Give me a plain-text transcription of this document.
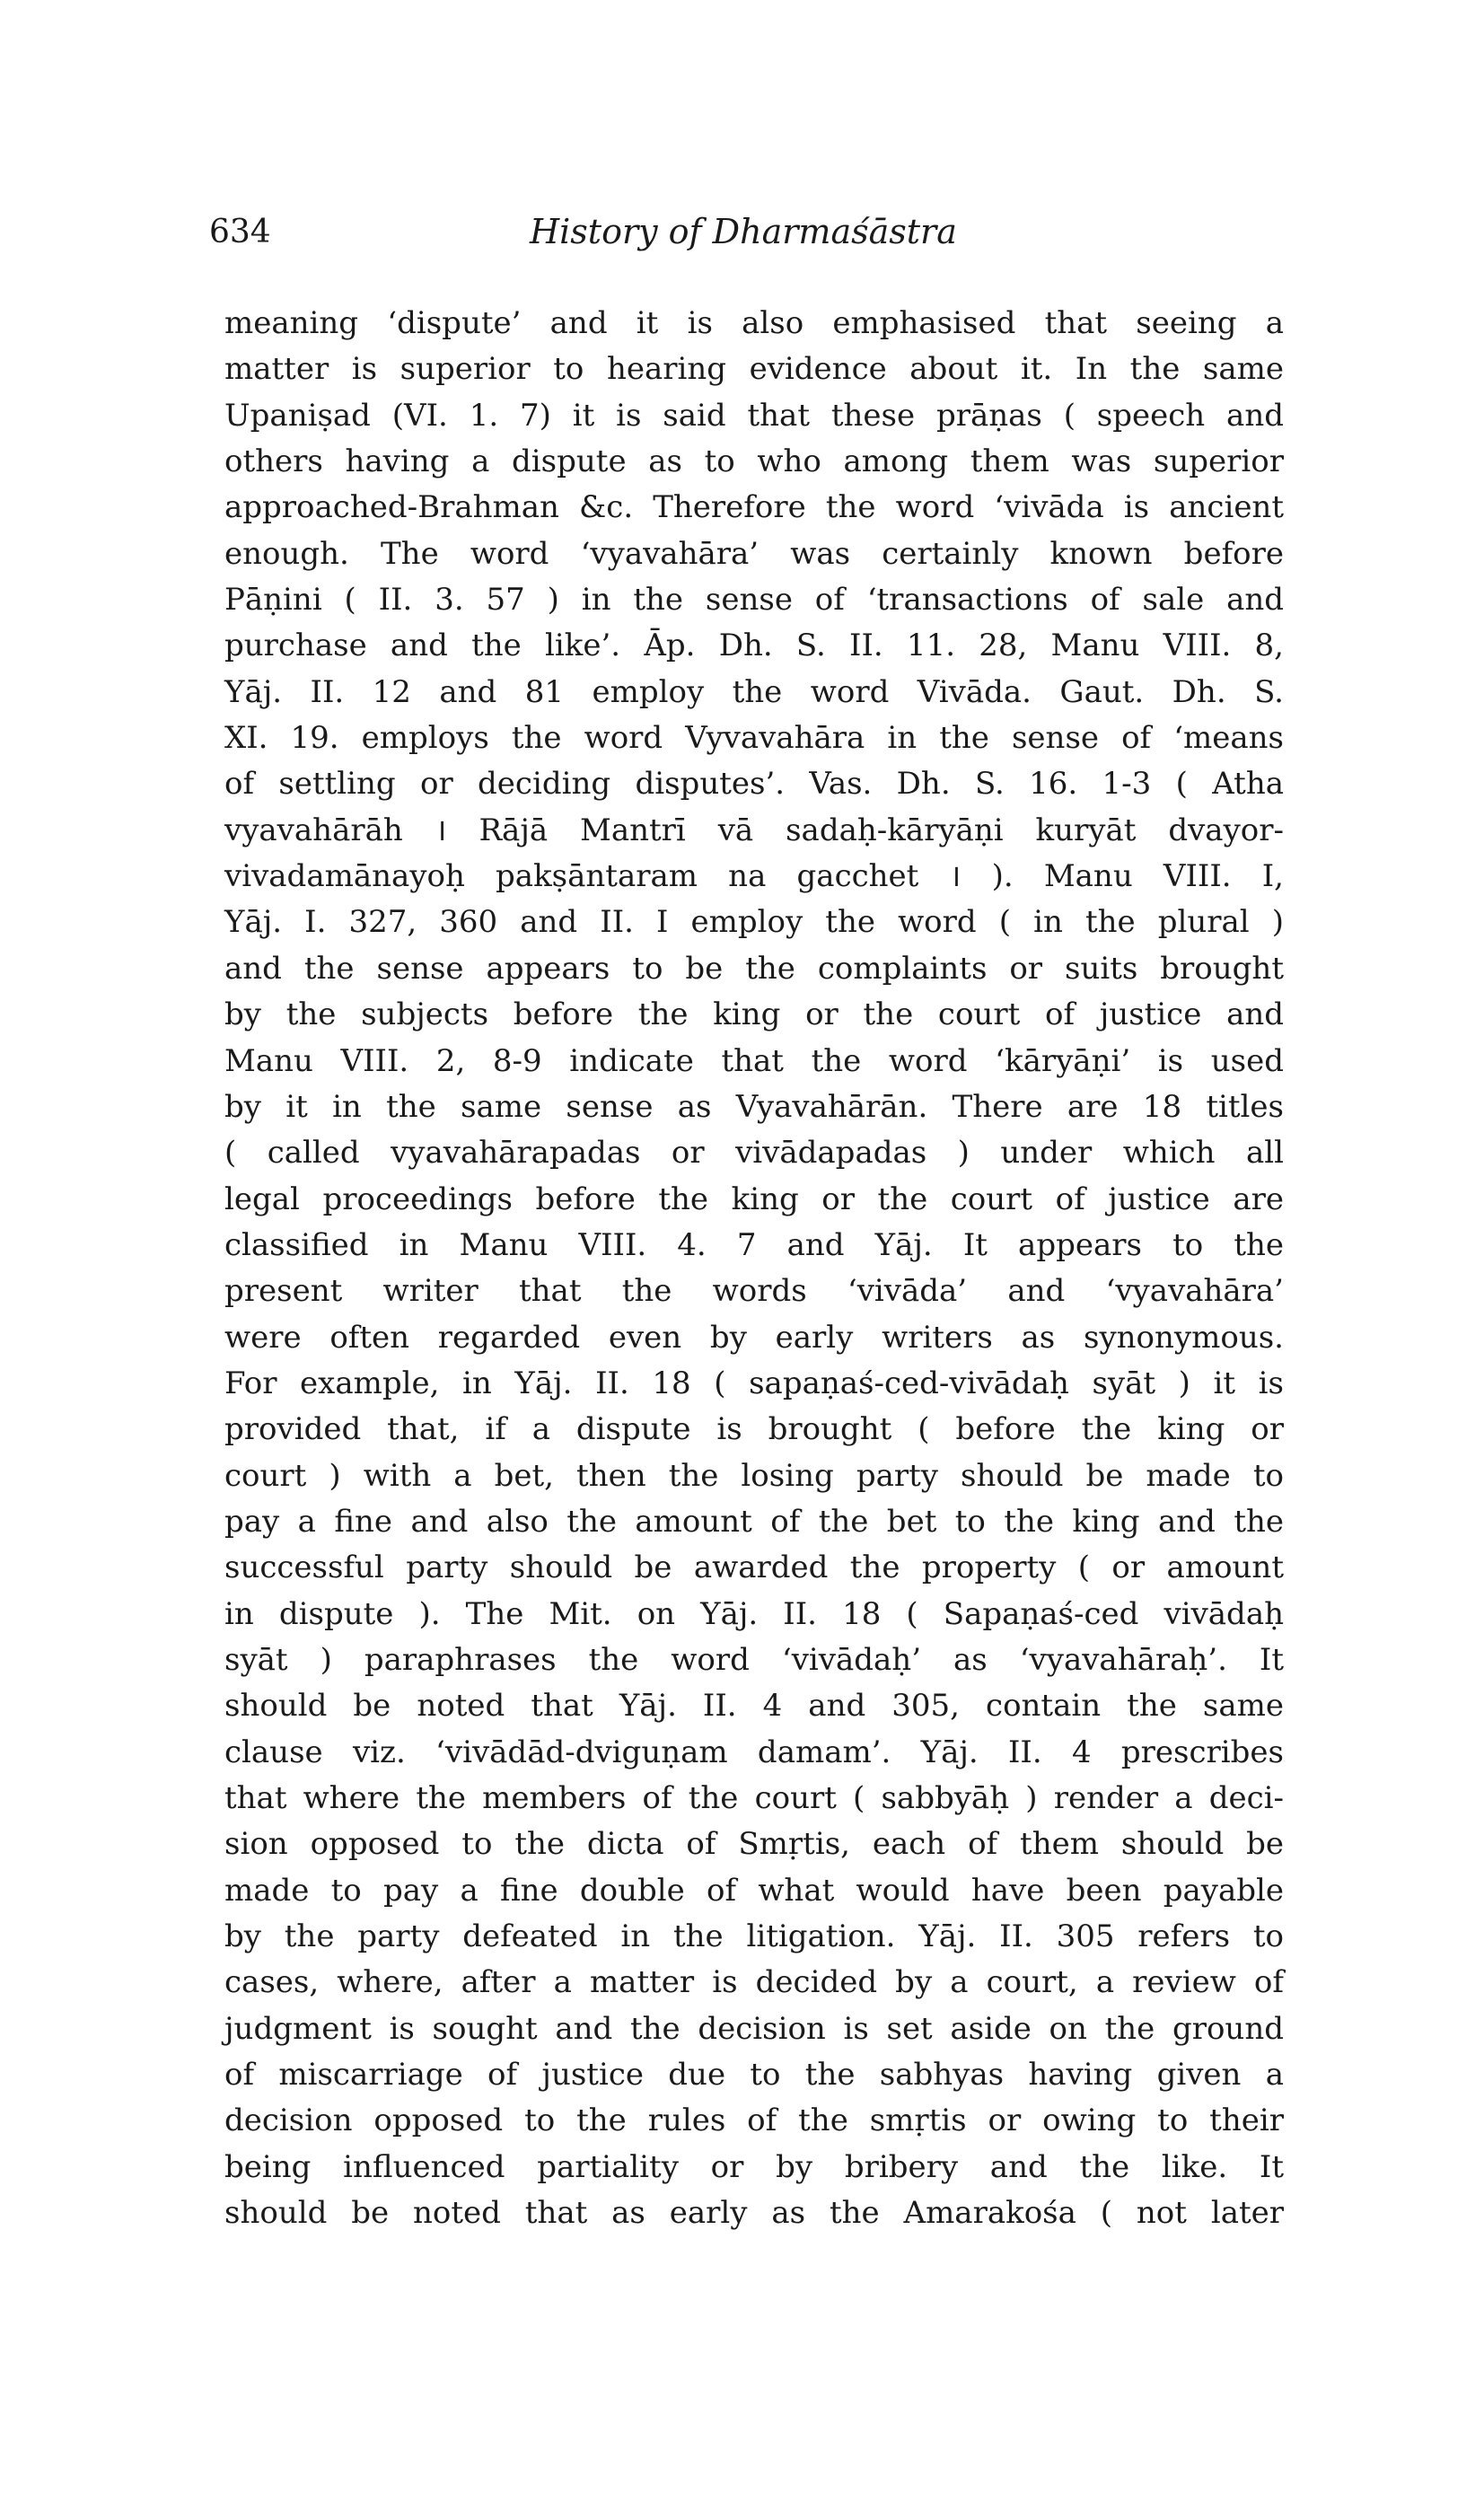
634	History of Dharmaśāstra
meaning ‘dispute’ and it is also emphasised that seeing a
matter is superior to hearing evidence about it. In the same
Upaniṣad (VI. 1. 7) it is said that these prāṇas ( speech and
others having a dispute as to who among them was superior
approached-Brahman &c. Therefore the word ‘vivāda is ancient
enough. The word ‘vyavahāra’ was certainly known before
Pāṇini ( II. 3. 57 ) in the sense of ‘transactions of sale and
purchase and the like’. Āp. Dh. S. II. 11. 28, Manu VIII. 8,
Yāj. II. 12 and 81 employ the word Vivāda. Gaut. Dh. S.
XI. 19. employs the word Vyvavahāra in the sense of ‘means
of settling or deciding disputes’. Vas. Dh. S. 16. 1-3 ( Atha
vyavahārāh । Rājā Mantrī vā sadaḥ-kāryāṇi kuryāt dvayor-
vivadamānayoḥ pakṣāntaram na gacchet । ). Manu VIII. I,
Yāj. I. 327, 360 and II. I employ the word ( in the plural )
and the sense appears to be the complaints or suits brought
by the subjects before the king or the court of justice and
Manu VIII. 2, 8-9 indicate that the word ‘kāryāṇi’ is used
by it in the same sense as Vyavahārān. There are 18 titles
( called vyavahārapadas or vivādapadas ) under which all
legal proceedings before the king or the court of justice are
classified in Manu VIII. 4. 7 and Yāj. It appears to the
present writer that the words ‘vivāda’ and ‘vyavahāra’
were often regarded even by early writers as synonymous.
For example, in Yāj. II. 18 ( sapaṇaś-ced-vivādaḥ syāt ) it is
provided that, if a dispute is brought ( before the king or
court ) with a bet, then the losing party should be made to
pay a fine and also the amount of the bet to the king and the
successful party should be awarded the property ( or amount
in dispute ). The Mit. on Yāj. II. 18 ( Sapaṇaś-ced vivādaḥ
syāt ) paraphrases the word ‘vivādaḥ’ as ‘vyavahāraḥ’. It
should be noted that Yāj. II. 4 and 305, contain the same
clause viz. ‘vivādād-dviguṇam damam’. Yāj. II. 4 prescribes
that where the members of the court ( sabbyāḥ ) render a deci-
sion opposed to the dicta of Smṛtis, each of them should be
made to pay a fine double of what would have been payable
by the party defeated in the litigation. Yāj. II. 305 refers to
cases, where, after a matter is decided by a court, a review of
judgment is sought and the decision is set aside on the ground
of miscarriage of justice due to the sabhyas having given a
decision opposed to the rules of the smṛtis or owing to their
being influenced partiality or by bribery and the like. It
should be noted that as early as the Amarakośa ( not later
